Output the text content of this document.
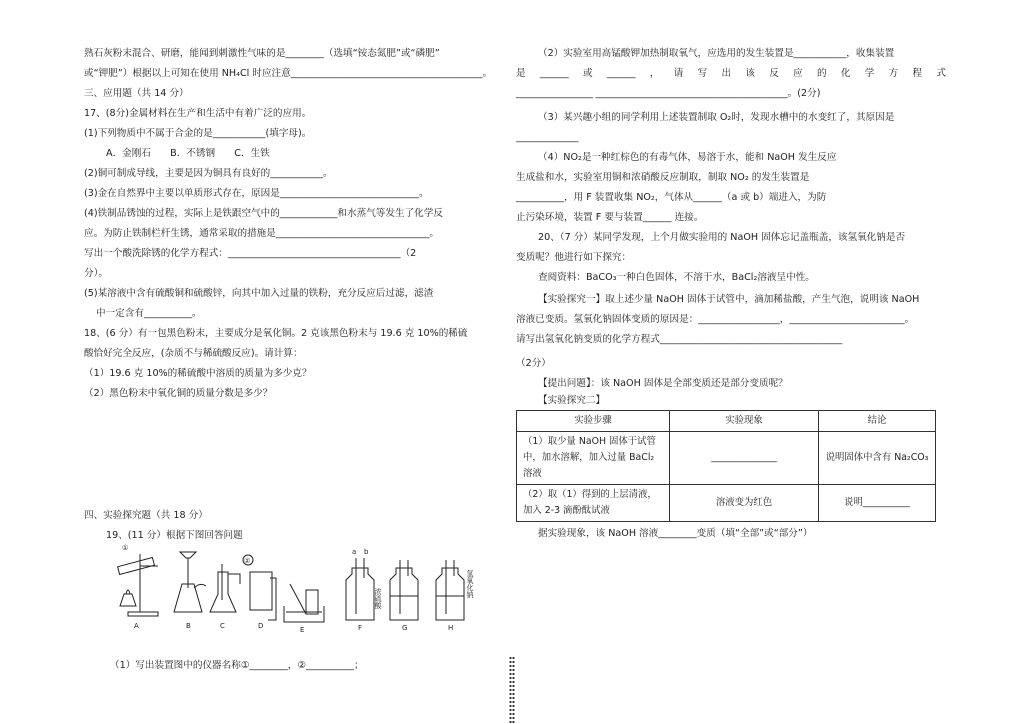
熟石灰粉末混合、研磨，能闻到刺激性气味的是________（选填“铵态氮肥”或“磷肥”
或“钾肥”）根据以上可知在使用 NH₄Cl 时应注意________________________________________。
三、应用题（共 14 分）
17、(8分)金属材料在生产和生活中有着广泛的应用。
(1)下列物质中不属于合金的是___________(填字母)。
A．金刚石　　B．不锈钢　　C．生铁
(2)铜可制成导线，主要是因为铜具有良好的___________。
(3)金在自然界中主要以单质形式存在，原因是_____________________________。
(4)铁制品锈蚀的过程，实际上是铁跟空气中的____________和水蒸气等发生了化学反
应。为防止铁制栏杆生锈，通常采取的措施是________________________________。
写出一个酸洗除锈的化学方程式：____________________________________（2
分）。
(5)某溶液中含有硫酸铜和硫酸锌，向其中加入过量的铁粉，充分反应后过滤，滤渣
中一定含有__________。
18、(6 分）有一包黑色粉末，主要成分是氧化铜。2 克该黑色粉末与 19.6 克 10%的稀硫
酸恰好完全反应，(杂质不与稀硫酸反应)。请计算：
（1）19.6 克 10%的稀硫酸中溶质的质量为多少克？
（2）黑色粉末中氧化铜的质量分数是多少？
四、实验探究题（共 18 分）
19、(11 分）根据下图回答问题
A	B	C	D	E	F	G	H
①
②
a b
浓硫酸
氢氧化钠
（1）写出装置图中的仪器名称①________，②__________；
（2）实验室用高锰酸钾加热制取氧气，应选用的发生装置是___________，收集装置
是 ______ 或 ______ ， 请 写 出 该 反 应 的 化 学 方 程 式
________________ ________________________________________。(2分)
（3）某兴趣小组的同学利用上述装置制取 O₂时，发现水槽中的水变红了，其原因是
_____________
（4）NO₂是一种红棕色的有毒气体，易溶于水，能和 NaOH 发生反应
生成盐和水，实验室用铜和浓硝酸反应制取，制取 NO₂ 的发生装置是
__________，用 F 装置收集 NO₂，气体从______（a 或 b）端进入，为防
止污染环境，装置 F 要与装置______ 连接。
20、（7 分）某同学发现，上个月做实验用的 NaOH 固体忘记盖瓶盖，该氢氧化钠是否
变质呢？他进行如下探究：
查阅资料：BaCO₃一种白色固体，不溶于水，BaCl₂溶液呈中性。
【实验探究一】取上述少量 NaOH 固体于试管中，滴加稀盐酸，产生气泡，说明该 NaOH
溶液已变质。氢氧化钠固体变质的原因是：_________________，________________________。
请写出氢氧化钠变质的化学方程式______________________________________
（2分）
【提出问题】：该 NaOH 固体是全部变质还是部分变质呢？
【实验探究二】
实验步骤	实验现象	结论
（1）取少量 NaOH 固体于试管中，加水溶解，加入过量 BaCl₂ 溶液	______________	说明固体中含有 Na₂CO₃
（2）取（1）得到的上层清液，加入 2-3 滴酚酞试液	溶液变为红色	说明__________
据实验现象，该 NaOH 溶液________变质（填“全部”或“部分”）
